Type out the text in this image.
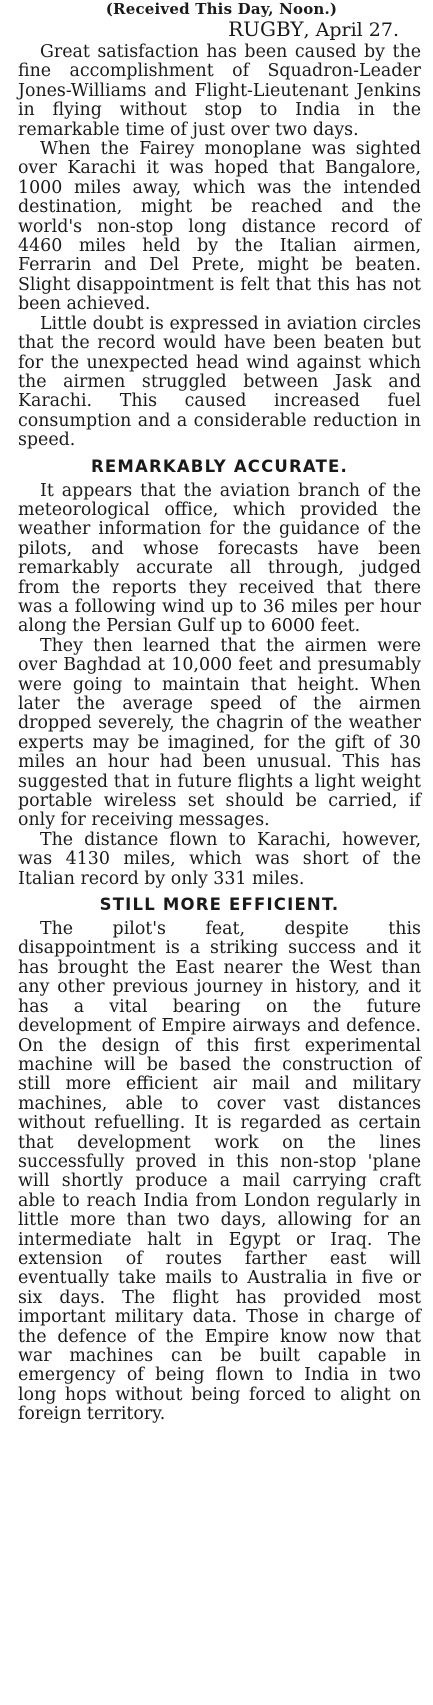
(Received This Day, Noon.)

RUGBY, April 27.

Great satisfaction has been caused by the fine accomplishment of Squadron-Leader Jones-Williams and Flight-Lieutenant Jenkins in flying without stop to India in the remarkable time of just over two days.

When the Fairey monoplane was sighted over Karachi it was hoped that Bangalore, 1000 miles away, which was the intended destination, might be reached and the world's non-stop long distance record of 4460 miles held by the Italian airmen, Ferrarin and Del Prete, might be beaten. Slight disappointment is felt that this has not been achieved.

Little doubt is expressed in aviation circles that the record would have been beaten but for the unexpected head wind against which the airmen struggled between Jask and Karachi. This caused increased fuel consumption and a considerable reduction in speed.

REMARKABLY ACCURATE.

It appears that the aviation branch of the meteorological office, which provided the weather information for the guidance of the pilots, and whose forecasts have been remarkably accurate all through, judged from the reports they received that there was a following wind up to 36 miles per hour along the Persian Gulf up to 6000 feet.

They then learned that the airmen were over Baghdad at 10,000 feet and presumably were going to maintain that height. When later the average speed of the airmen dropped severely, the chagrin of the weather experts may be imagined, for the gift of 30 miles an hour had been unusual. This has suggested that in future flights a light weight portable wireless set should be carried, if only for receiving messages.

The distance flown to Karachi, however, was 4130 miles, which was short of the Italian record by only 331 miles.

STILL MORE EFFICIENT.

The pilot's feat, despite this disappointment is a striking success and it has brought the East nearer the West than any other previous journey in history, and it has a vital bearing on the future development of Empire airways and defence. On the design of this first experimental machine will be based the construction of still more efficient air mail and military machines, able to cover vast distances without refuelling. It is regarded as certain that development work on the lines successfully proved in this non-stop 'plane will shortly produce a mail carrying craft able to reach India from London regularly in little more than two days, allowing for an intermediate halt in Egypt or Iraq. The extension of routes farther east will eventually take mails to Australia in five or six days. The flight has provided most important military data. Those in charge of the defence of the Empire know now that war machines can be built capable in emergency of being flown to India in two long hops without being forced to alight on foreign territory.
